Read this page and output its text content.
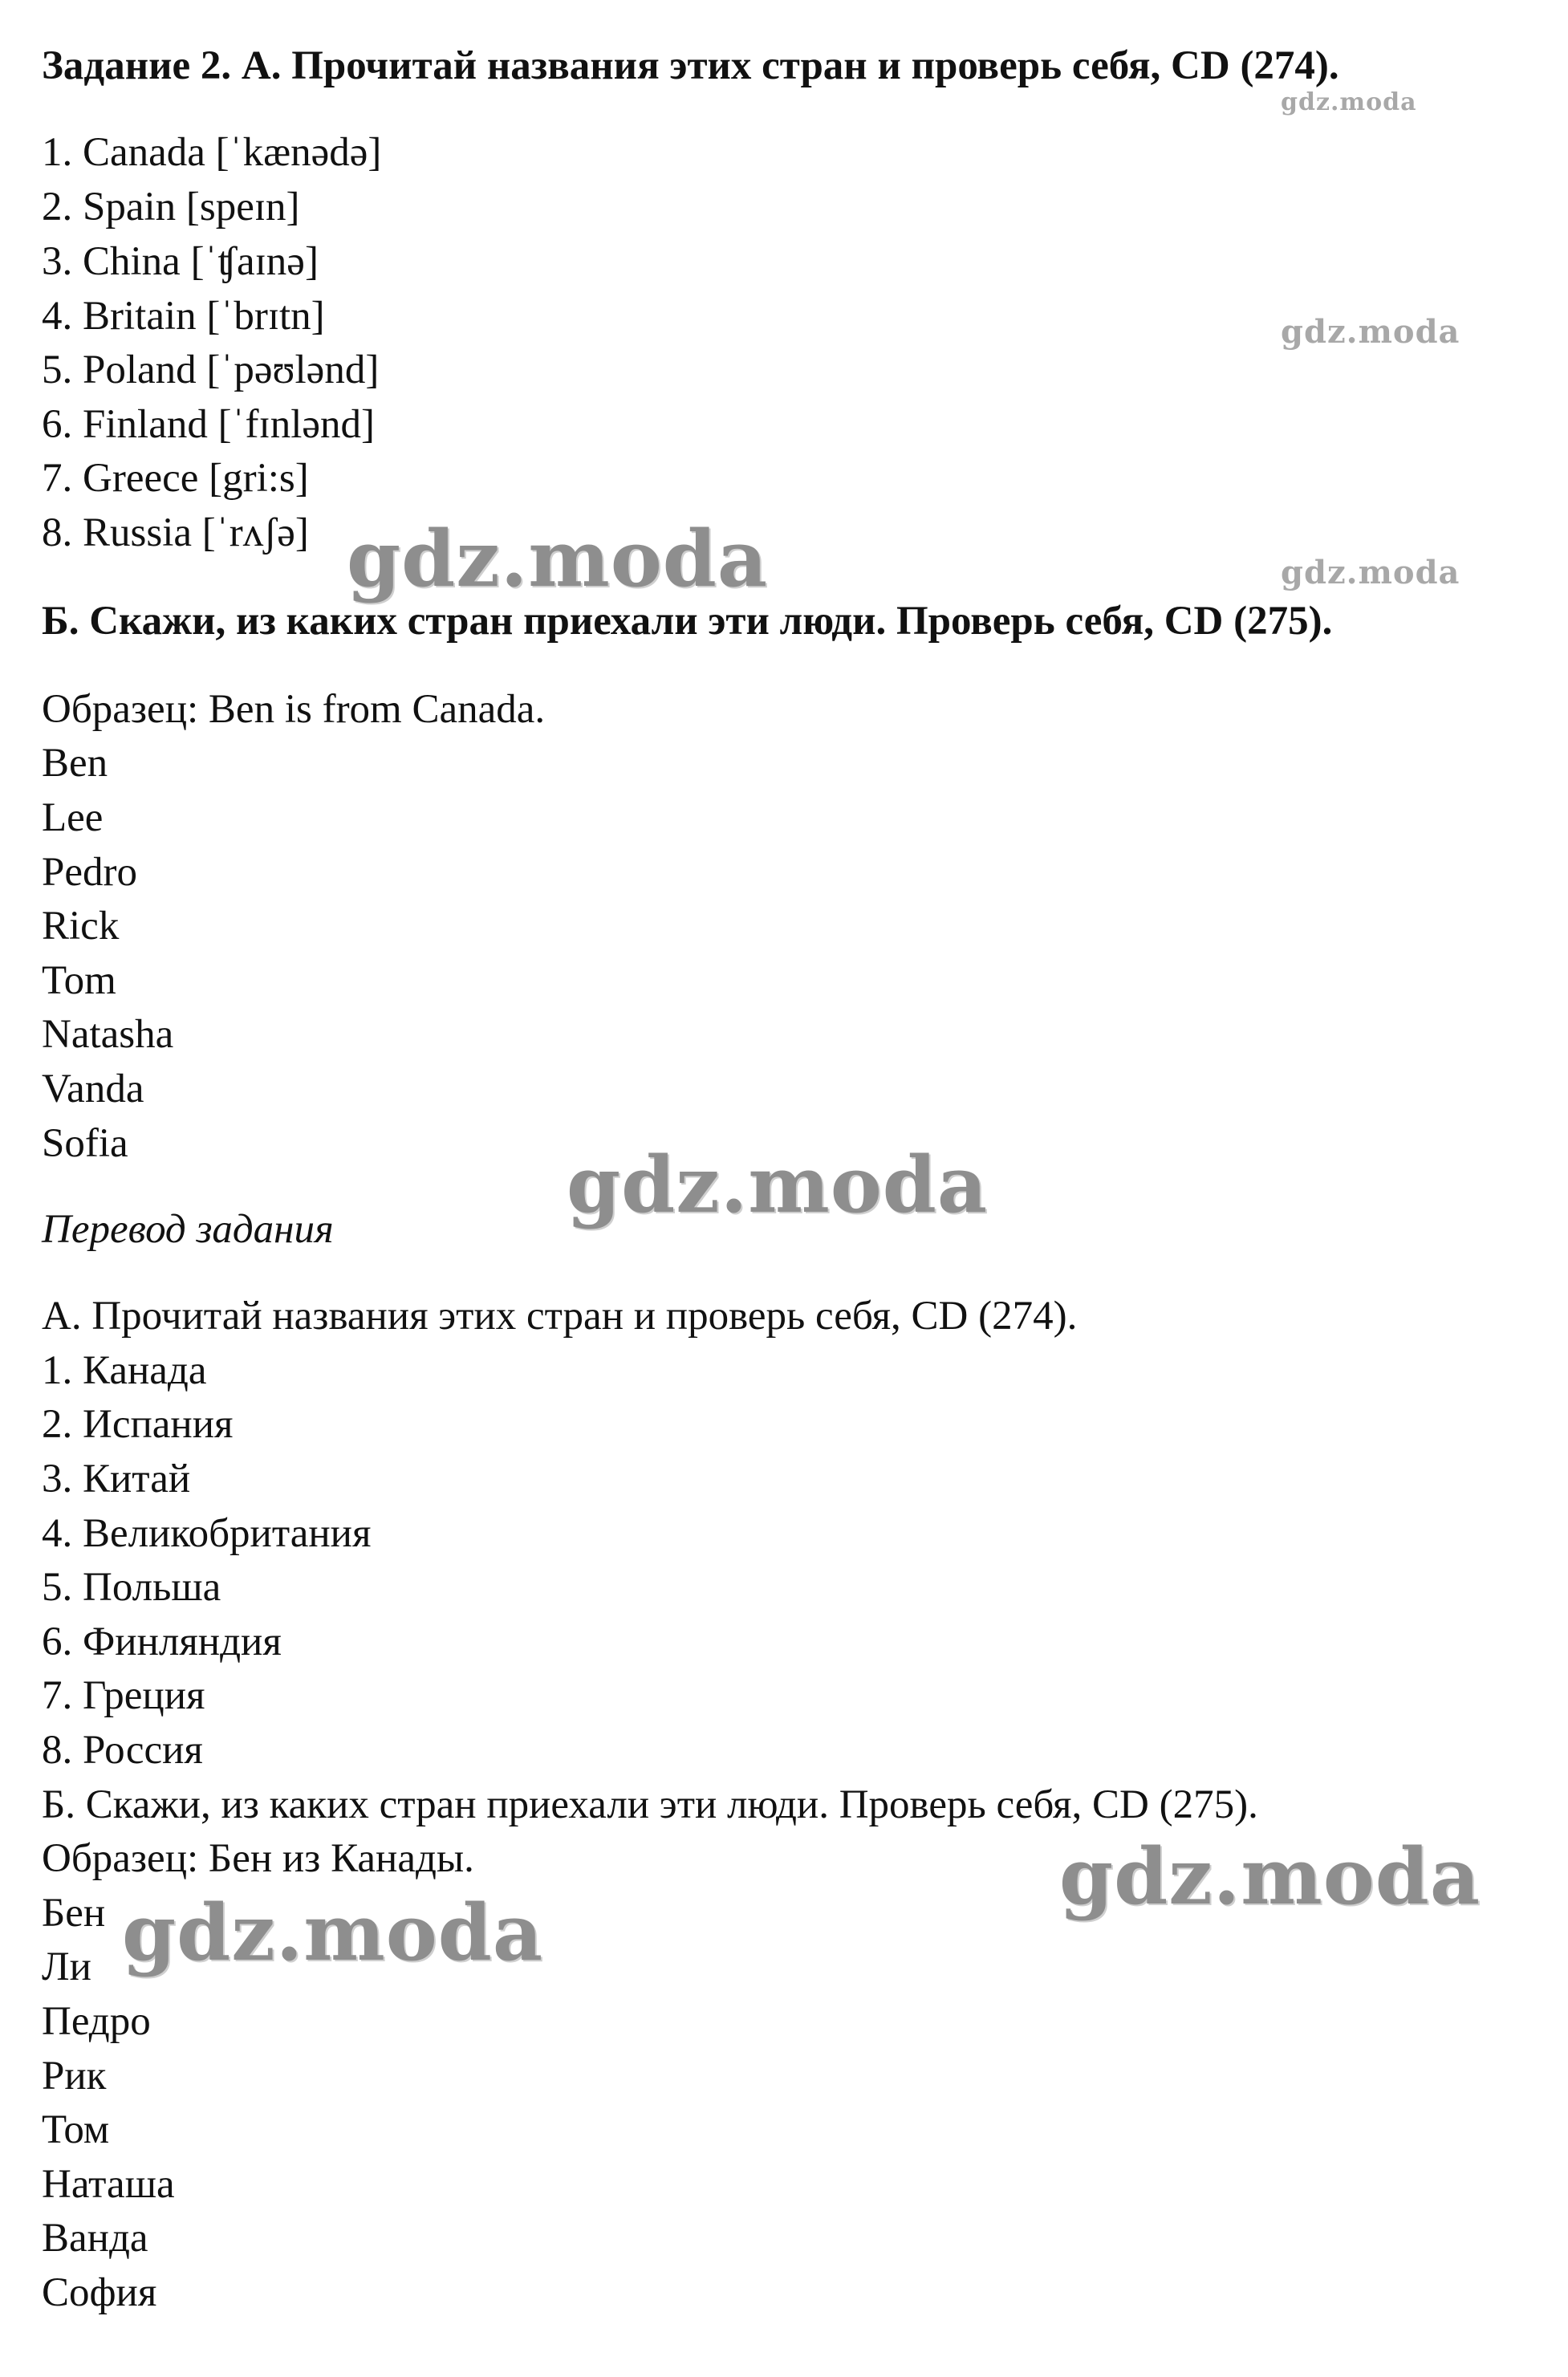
Задание 2. А. Прочитай названия этих стран и проверь себя, CD (274).
1. Canada [ˈkænədə]
2. Spain [speɪn]
3. China [ˈʧaɪnə]
4. Britain [ˈbrɪtn]
5. Poland [ˈpəʊlənd]
6. Finland [ˈfɪnlənd]
7. Greece [gri:s]
8. Russia [ˈrʌʃə]
Б. Скажи, из каких стран приехали эти люди. Проверь себя, CD (275).
Образец: Ben is from Canada.
Ben
Lee
Pedro
Rick
Tom
Natasha
Vanda
Sofia
Перевод задания
А. Прочитай названия этих стран и проверь себя, CD (274).
1. Канада
2. Испания
3. Китай
4. Великобритания
5. Польша
6. Финляндия
7. Греция
8. Россия
Б. Скажи, из каких стран приехали эти люди. Проверь себя, CD (275).
Образец: Бен из Канады.
Бен
Ли
Педро
Рик
Том
Наташа
Ванда
София
gdz.moda
gdz.moda
gdz.moda	gdz.moda
gdz.moda
gdz.moda
gdz.moda
